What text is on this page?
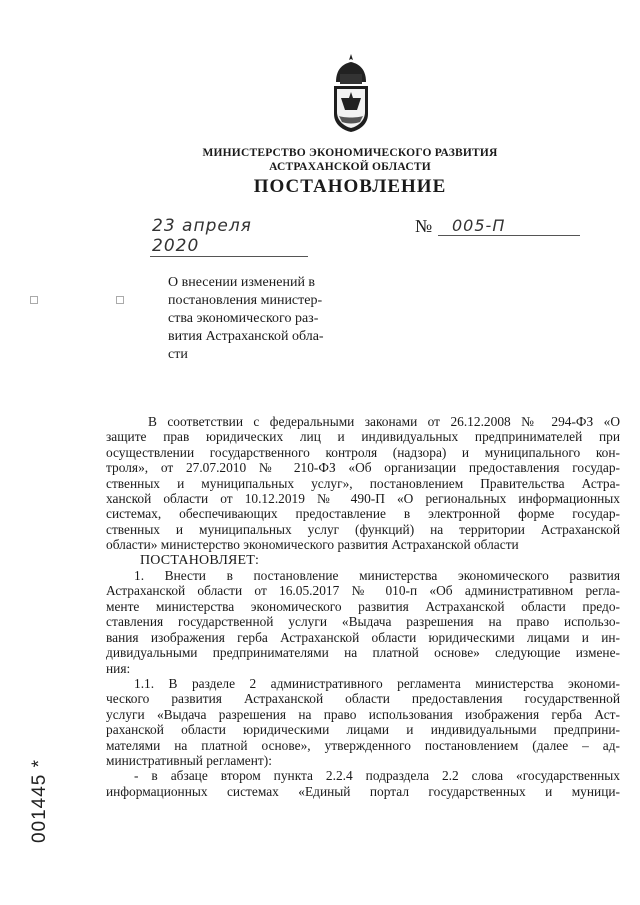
МИНИСТЕРСТВО ЭКОНОМИЧЕСКОГО РАЗВИТИЯ
АСТРАХАНСКОЙ ОБЛАСТИ
ПОСТАНОВЛЕНИЕ
23 апреля 2020
№	005-П
О внесении изменений в
постановления министер-
ства экономического раз-
вития Астраханской обла-
сти
В соответствии с федеральными законами от 26.12.2008 № 294-ФЗ «О
защите прав юридических лиц и индивидуальных предпринимателей при
осуществлении государственного контроля (надзора) и муниципального кон-
троля», от 27.07.2010 № 210-ФЗ «Об организации предоставления государ-
ственных и муниципальных услуг», постановлением Правительства Астра-
ханской области от 10.12.2019 № 490-П «О региональных информационных
системах, обеспечивающих предоставление в электронной форме государ-
ственных и муниципальных услуг (функций) на территории Астраханской
области» министерство экономического развития Астраханской области
ПОСТАНОВЛЯЕТ:
1. Внести в постановление министерства экономического развития
Астраханской области от 16.05.2017 № 010-п «Об административном регла-
менте министерства экономического развития Астраханской области предо-
ставления государственной услуги «Выдача разрешения на право использо-
вания изображения герба Астраханской области юридическими лицами и ин-
дивидуальными предпринимателями на платной основе» следующие измене-
ния:
1.1. В разделе 2 административного регламента министерства экономи-
ческого развития Астраханской области предоставления государственной
услуги «Выдача разрешения на право использования изображения герба Аст-
раханской области юридическими лицами и индивидуальными предприни-
мателями на платной основе», утвержденного постановлением (далее – ад-
министративный регламент):
- в абзаце втором пункта 2.2.4 подраздела 2.2 слова «государственных
информационных системах «Единый портал государственных и муници-
001445 *
